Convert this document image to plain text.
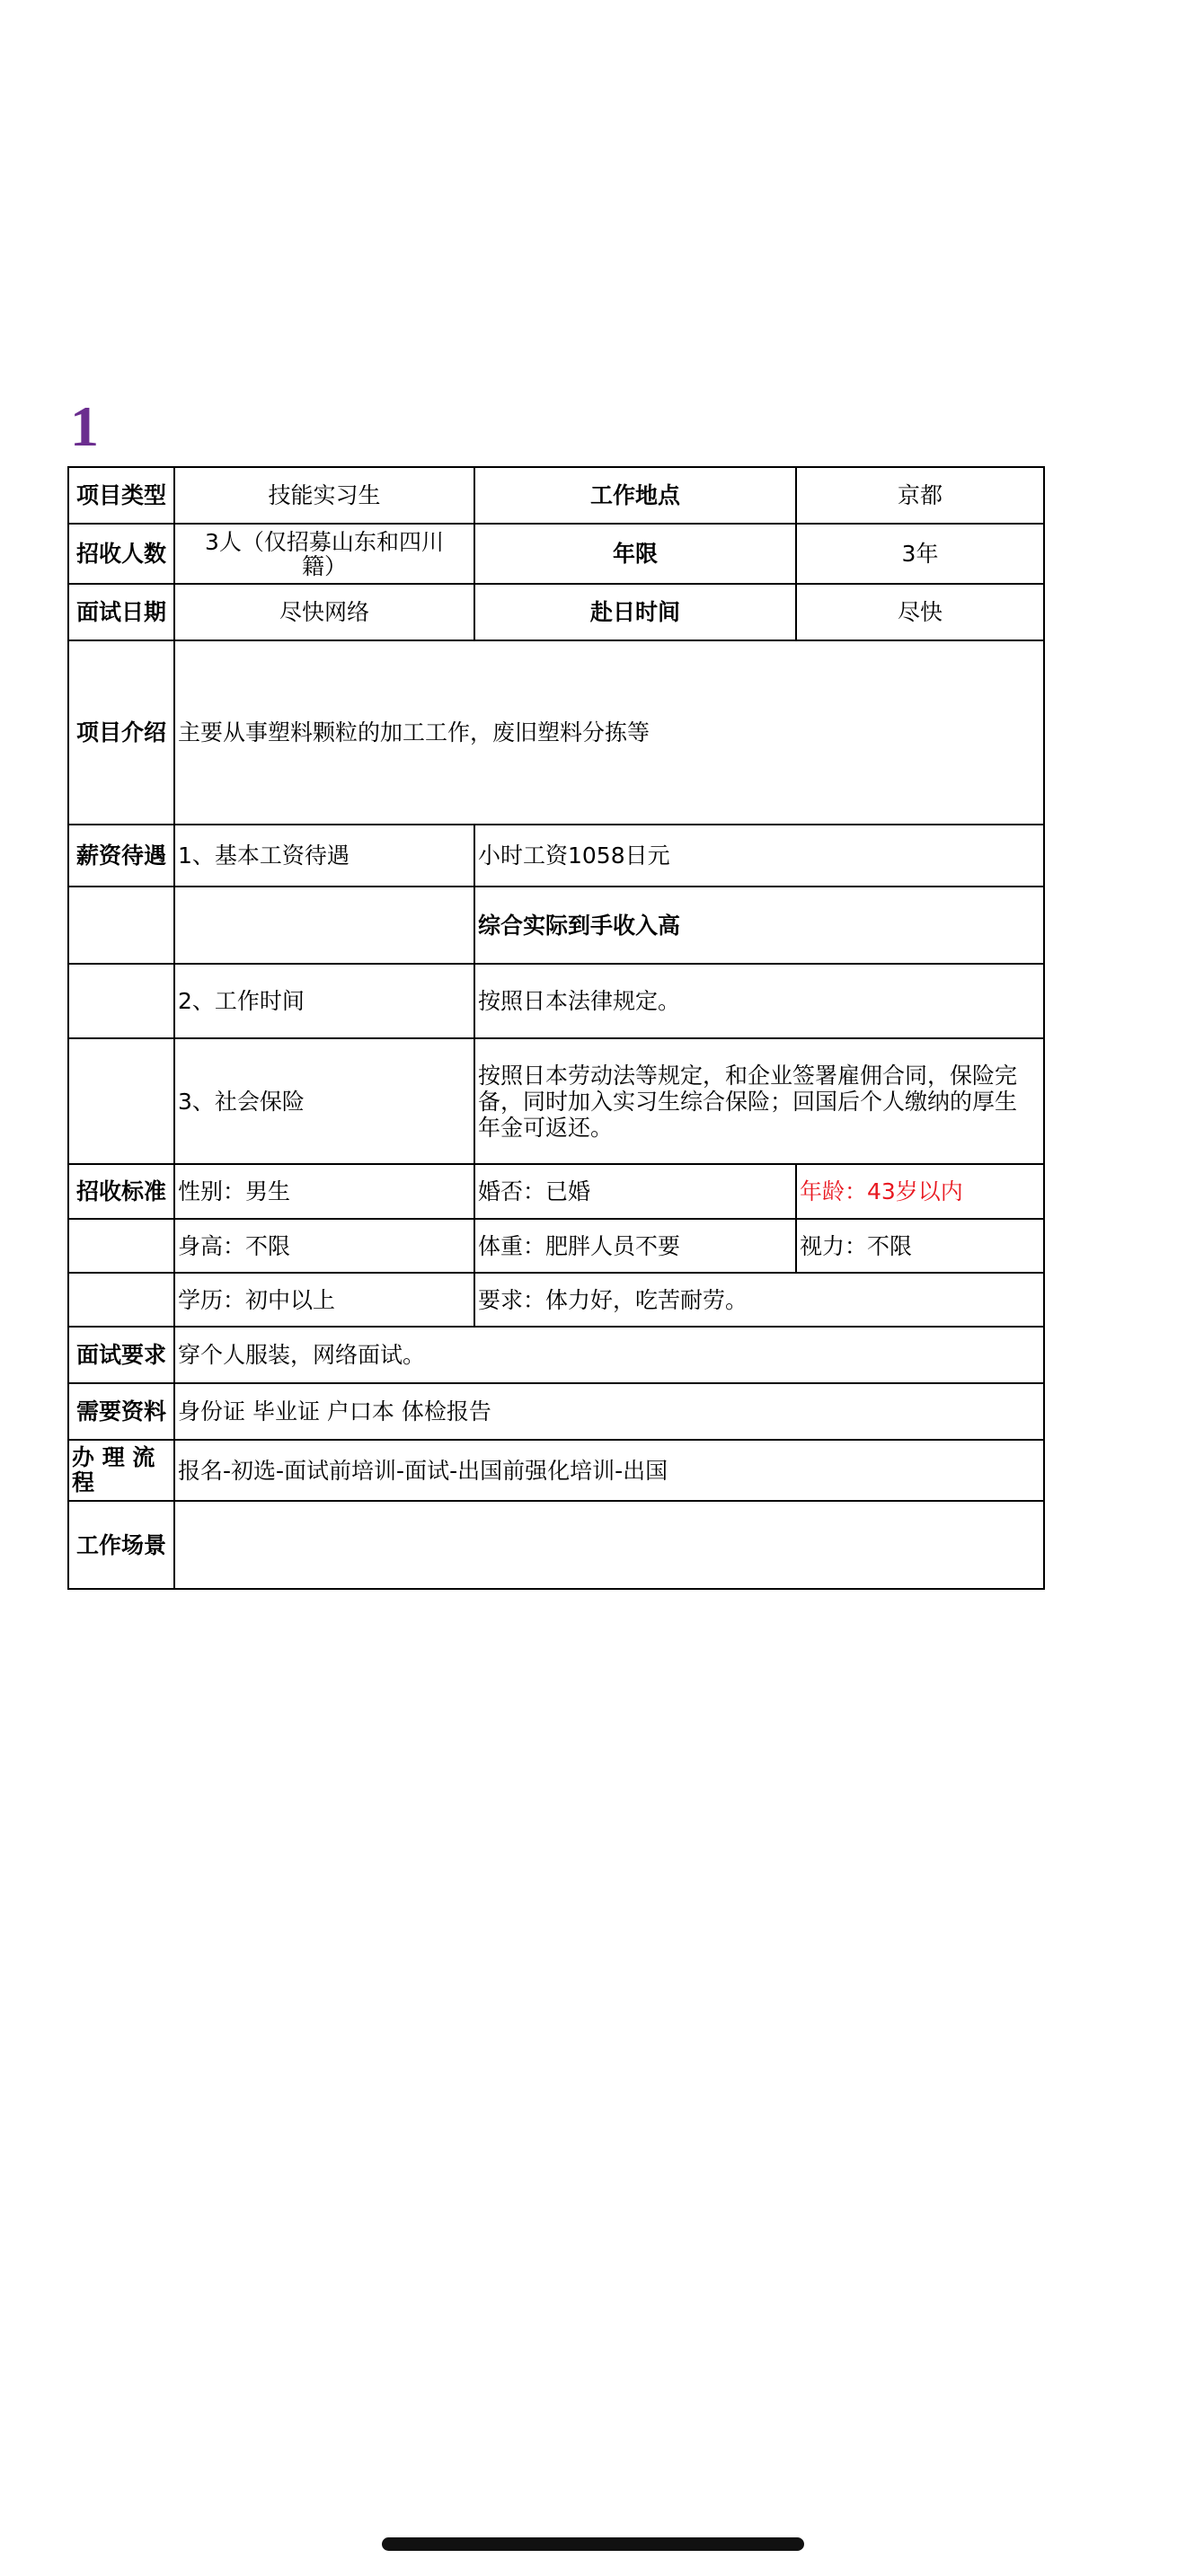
1
项目类型	技能实习生	工作地点	京都
招收人数	3人（仅招募山东和四川籍）	年限	3年
面试日期	尽快网络	赴日时间	尽快
项目介绍	主要从事塑料颗粒的加工工作，废旧塑料分拣等		
薪资待遇	1、基本工资待遇	小时工资1058日元	
		综合实际到手收入高	
	2、工作时间	按照日本法律规定。	
	3、社会保险	按照日本劳动法等规定，和企业签署雇佣合同，保险完备，同时加入实习生综合保险；回国后个人缴纳的厚生年金可返还。	
招收标准	性别：男生	婚否：已婚	年龄：43岁以内
	身高：不限	体重：肥胖人员不要	视力：不限
	学历：初中以上	要求：体力好，吃苦耐劳。	
面试要求	穿个人服装，网络面试。		
需要资料	身份证 毕业证 户口本 体检报告		
办 理 流 程	报名-初选-面试前培训-面试-出国前强化培训-出国		
工作场景			
